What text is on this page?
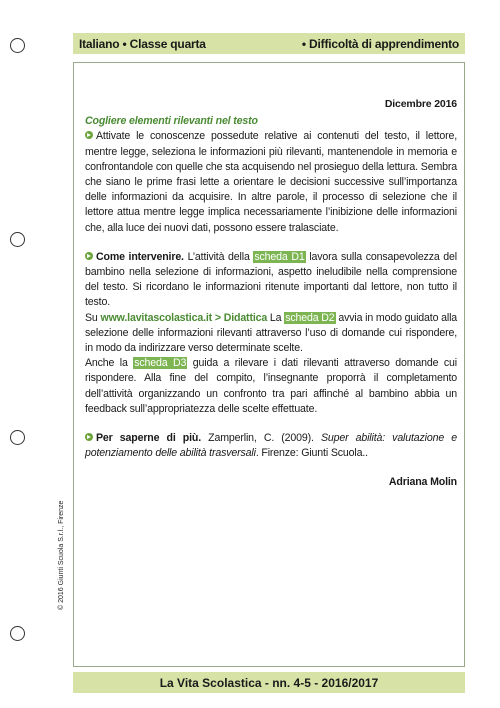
Italiano • Classe quarta	• Difficoltà di apprendimento
Dicembre 2016
Cogliere elementi rilevanti nel testo
Attivate le conoscenze possedute relative ai contenuti del testo, il lettore, mentre legge, seleziona le informazioni più rilevanti, mantenendole in memoria e confrontandole con quelle che sta acquisendo nel prosieguo della lettura. Sembra che siano le prime frasi lette a orientare le decisioni successive sull’importanza delle informazioni da acquisire. In altre parole, il processo di selezione che il lettore attua mentre legge implica necessariamente l’inibizione delle informazioni che, alla luce dei nuovi dati, possono essere tralasciate.
Come intervenire. L’attività della scheda D1 lavora sulla consapevolezza del bambino nella selezione di informazioni, aspetto ineludibile nella comprensione del testo. Si ricordano le informazioni ritenute importanti dal lettore, non tutto il testo.
Su www.lavitascolastica.it > Didattica La scheda D2 avvia in modo guidato alla selezione delle informazioni rilevanti attraverso l’uso di domande cui rispondere, in modo da indirizzare verso determinate scelte.
Anche la scheda D3 guida a rilevare i dati rilevanti attraverso domande cui rispondere. Alla fine del compito, l’insegnante proporrà il completamento dell’attività organizzando un confronto tra pari affinché al bambino abbia un feedback sull’appropriatezza delle scelte effettuate.
Per saperne di più. Zamperlin, C. (2009). Super abilità: valutazione e potenziamento delle abilità trasversali. Firenze: Giunti Scuola..
Adriana Molin
© 2016 Giunti Scuola S.r.l., Firenze
La Vita Scolastica - nn. 4-5 - 2016/2017
